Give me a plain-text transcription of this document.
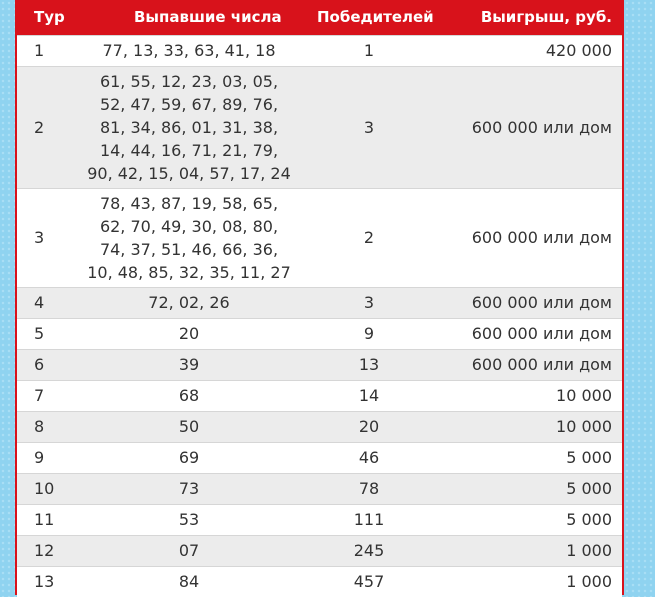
Тур	Выпавшие числа	Победителей	Выигрыш, руб.
1	77, 13, 33, 63, 41, 18	1	420 000
2	61, 55, 12, 23, 03, 05, 52, 47, 59, 67, 89, 76, 81, 34, 86, 01, 31, 38, 14, 44, 16, 71, 21, 79, 90, 42, 15, 04, 57, 17, 24	3	600 000 или дом
3	78, 43, 87, 19, 58, 65, 62, 70, 49, 30, 08, 80, 74, 37, 51, 46, 66, 36, 10, 48, 85, 32, 35, 11, 27	2	600 000 или дом
4	72, 02, 26	3	600 000 или дом
5	20	9	600 000 или дом
6	39	13	600 000 или дом
7	68	14	10 000
8	50	20	10 000
9	69	46	5 000
10	73	78	5 000
11	53	111	5 000
12	07	245	1 000
13	84	457	1 000
